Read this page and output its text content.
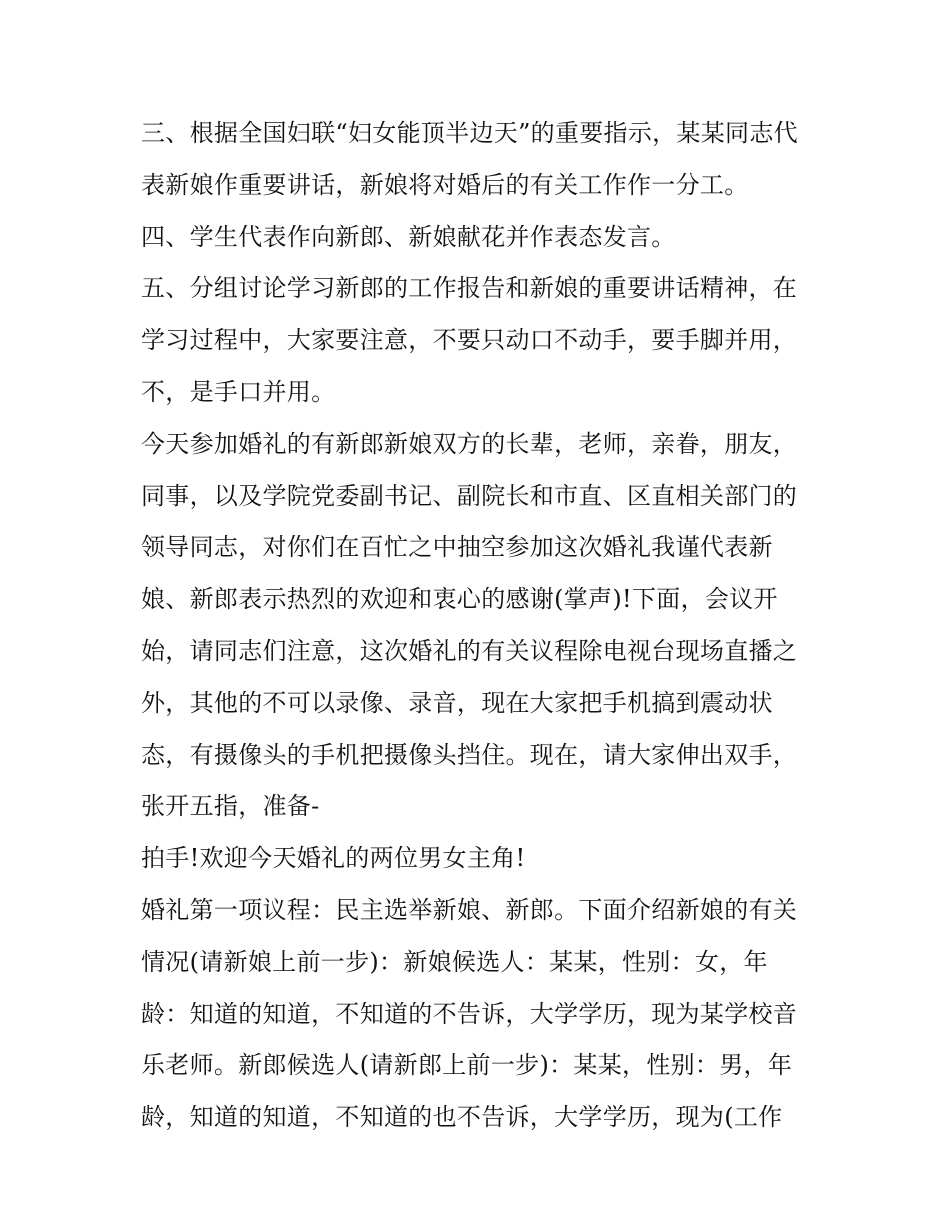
三、根据全国妇联“妇女能顶半边天”的重要指示，某某同志代
表新娘作重要讲话，新娘将对婚后的有关工作作一分工。
四、学生代表作向新郎、新娘献花并作表态发言。
五、分组讨论学习新郎的工作报告和新娘的重要讲话精神，在
学习过程中，大家要注意，不要只动口不动手，要手脚并用，
不，是手口并用。
今天参加婚礼的有新郎新娘双方的长辈，老师，亲眷，朋友，
同事，以及学院党委副书记、副院长和市直、区直相关部门的
领导同志，对你们在百忙之中抽空参加这次婚礼我谨代表新
娘、新郎表示热烈的欢迎和衷心的感谢(掌声)!下面，会议开
始，请同志们注意，这次婚礼的有关议程除电视台现场直播之
外，其他的不可以录像、录音，现在大家把手机搞到震动状
态，有摄像头的手机把摄像头挡住。现在，请大家伸出双手，
张开五指，准备-
拍手!欢迎今天婚礼的两位男女主角!
婚礼第一项议程：民主选举新娘、新郎。下面介绍新娘的有关
情况(请新娘上前一步)：新娘候选人：某某，性别：女，年
龄：知道的知道，不知道的不告诉，大学学历，现为某学校音
乐老师。新郎候选人(请新郎上前一步)：某某，性别：男，年
龄，知道的知道，不知道的也不告诉，大学学历，现为(工作
